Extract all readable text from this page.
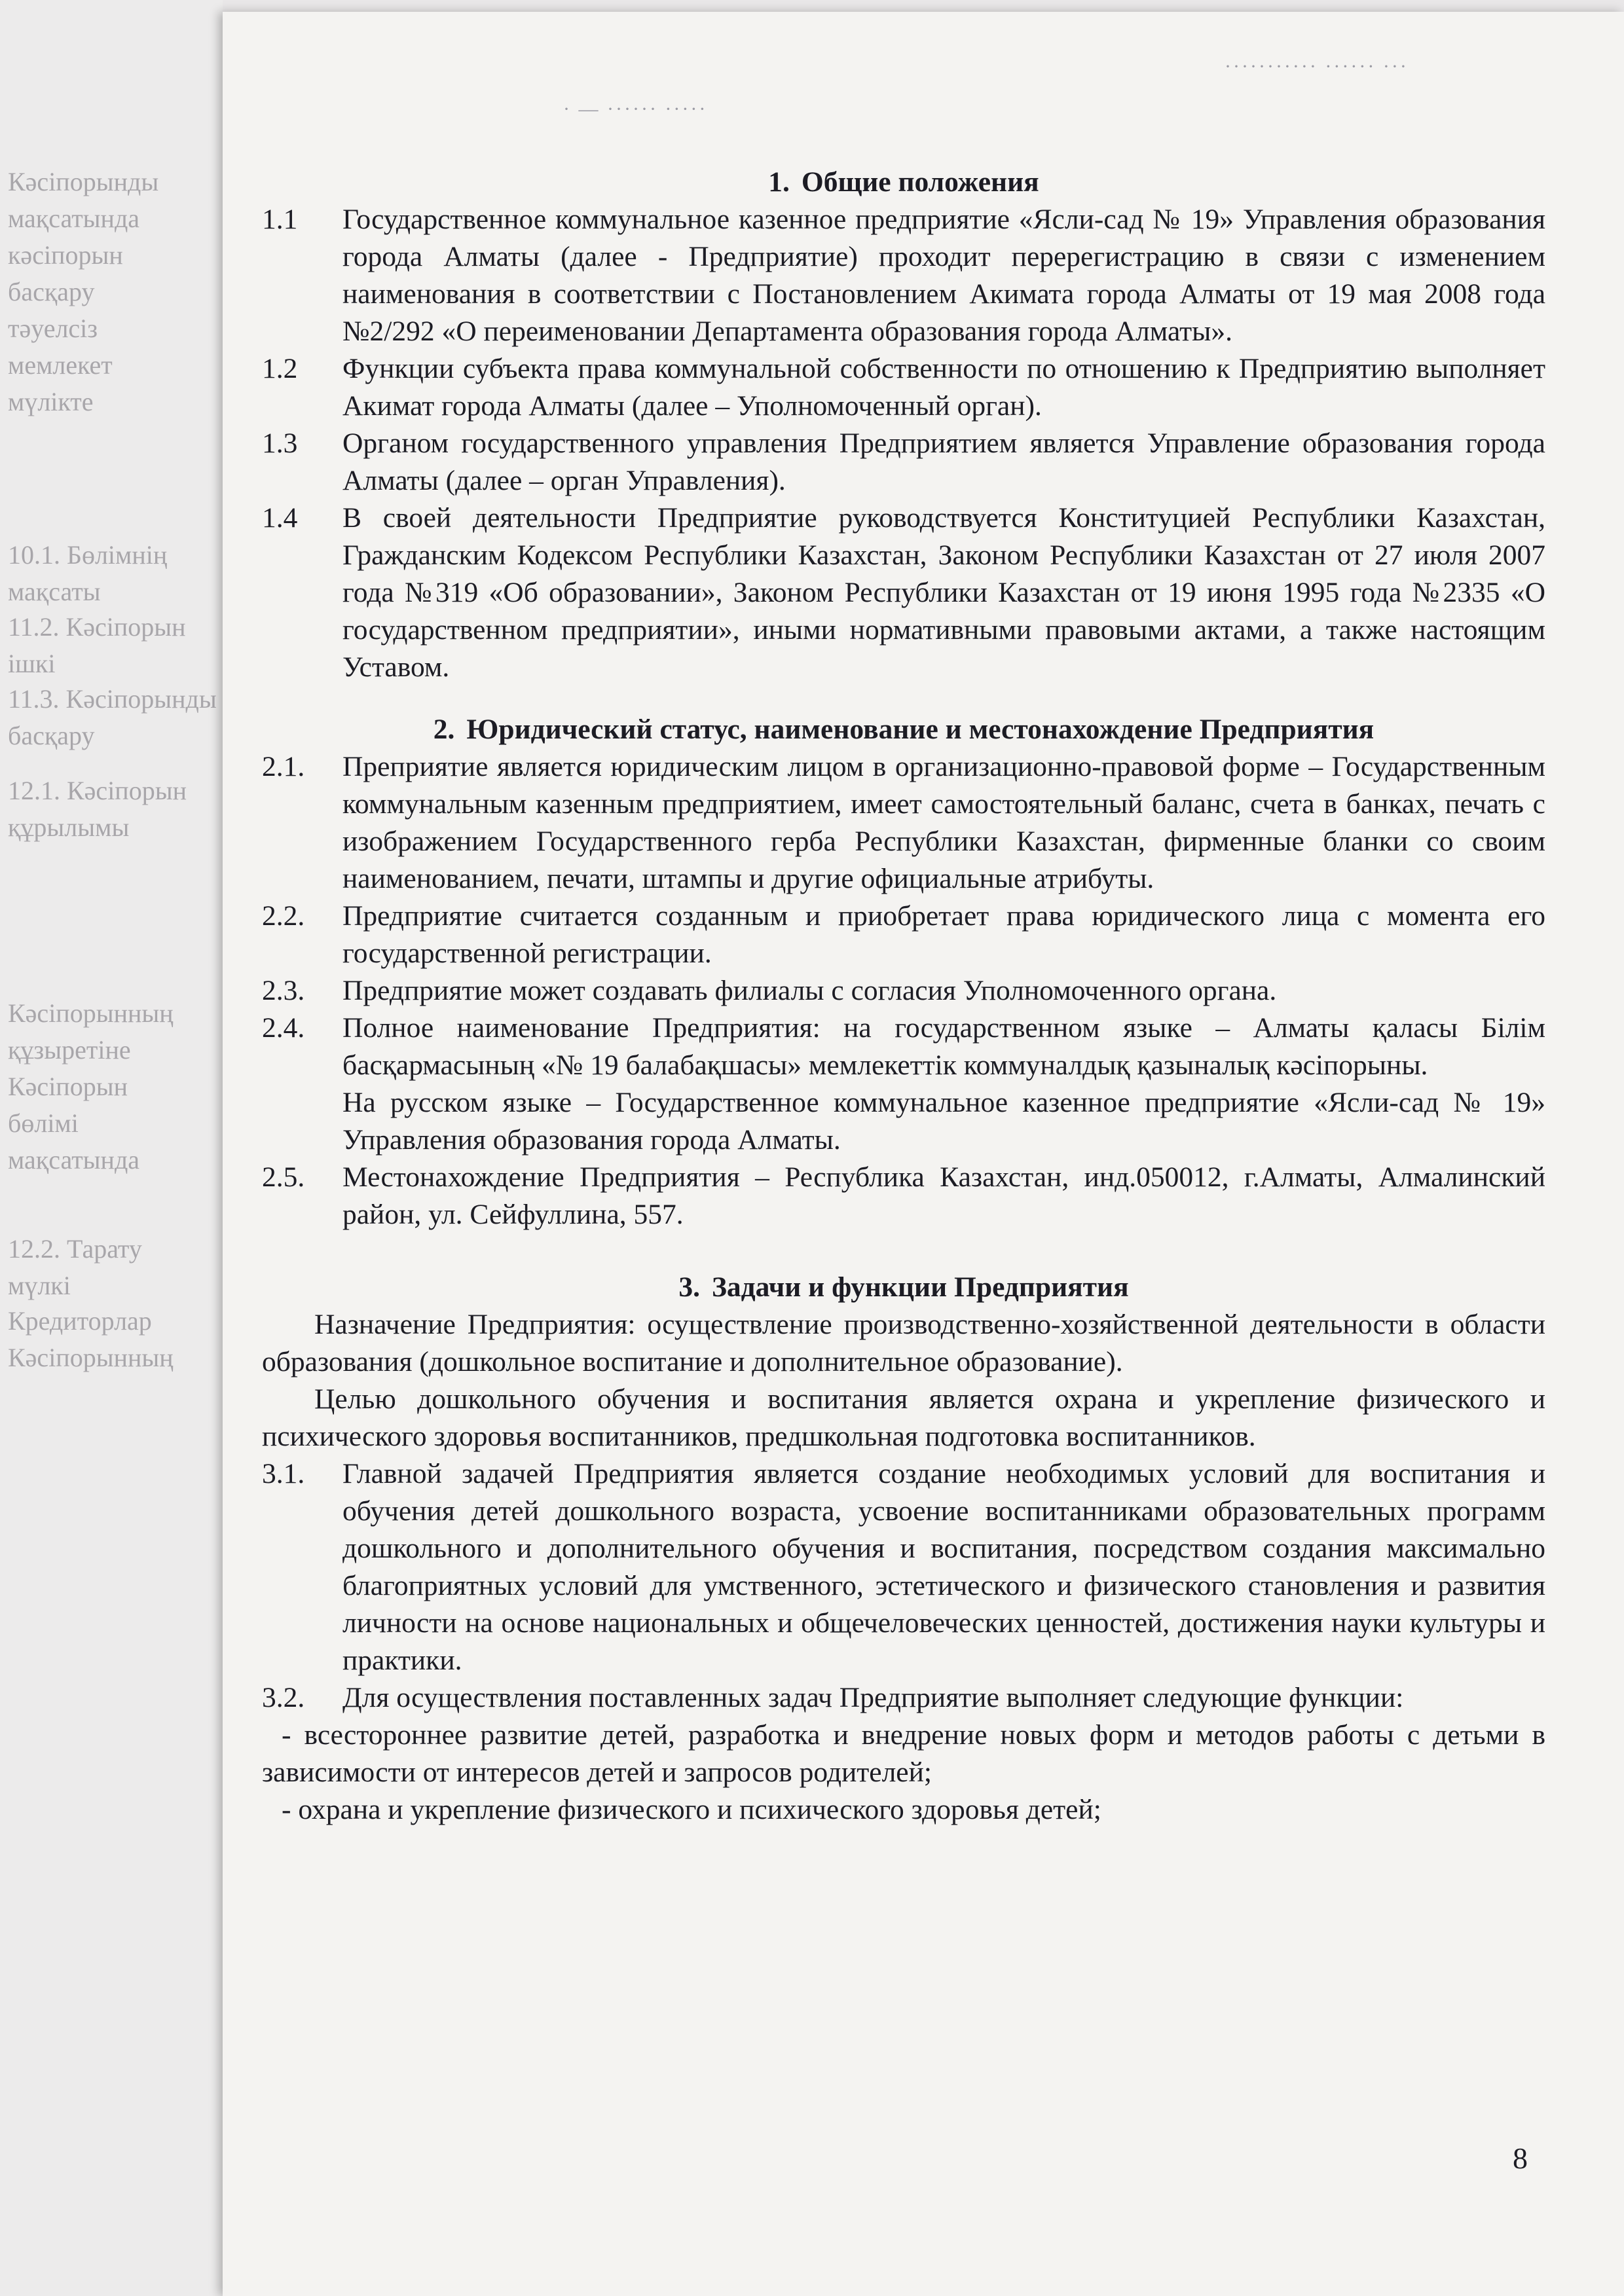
Кәсіпорынды
мақсатында
кәсіпорын
басқару
тәуелсіз
мемлекет
мүлікте
10.1. Бөлімнің
мақсаты
11.2. Кәсіпорын
ішкі
11.3. Кәсіпорынды
басқару
12.1. Кәсіпорын
құрылымы
Кәсіпорынның
құзыретіне
Кәсіпорын
бөлімі
мақсатында
12.2. Тарату
мүлкі
Кредиторлар
Кәсіпорынның
· — ······ ·····
··········· ······ ···

1. Общие положения

1.1	Государственное коммунальное казенное предприятие «Ясли-сад № 19» Управления образования города Алматы (далее - Предприятие) проходит перерегистрацию в связи с изменением наименования в соответствии с Постановлением Акимата города Алматы от 19 мая 2008 года №2/292 «О переименовании Департамента образования города Алматы».
1.2	Функции субъекта права коммунальной собственности по отношению к Предприятию выполняет Акимат города Алматы (далее – Уполномоченный орган).
1.3	Органом государственного управления Предприятием является Управление образования города Алматы (далее – орган Управления).
1.4	В своей деятельности Предприятие руководствуется Конституцией Республики Казахстан, Гражданским Кодексом Республики Казахстан, Законом Республики Казахстан от 27 июля 2007 года №319 «Об образовании», Законом Республики Казахстан от 19 июня 1995 года №2335 «О государственном предприятии», иными нормативными правовыми актами, а также настоящим Уставом.

2. Юридический статус, наименование и местонахождение Предприятия

2.1.	Преприятие является юридическим лицом в организационно-правовой форме – Государственным коммунальным казенным предприятием, имеет самостоятельный баланс, счета в банках, печать с изображением Государственного герба Республики Казахстан, фирменные бланки со своим наименованием, печати, штампы и другие официальные атрибуты.
2.2.	Предприятие считается созданным и приобретает права юридического лица с момента его государственной регистрации.
2.3.	Предприятие может создавать филиалы с согласия Уполномоченного органа.
2.4.	Полное наименование Предприятия: на государственном языке – Алматы қаласы Білім басқармасының «№ 19 балабақшасы» мемлекеттік коммуналдық қазыналық кәсіпорыны.

На русском языке – Государственное коммунальное казенное предприятие «Ясли-сад № 19» Управления образования города Алматы.

2.5.	Местонахождение Предприятия – Республика Казахстан, инд.050012, г.Алматы, Алмалинский район, ул. Сейфуллина, 557.

3. Задачи и функции Предприятия

Назначение Предприятия: осуществление производственно-хозяйственной деятельности в области образования (дошкольное воспитание и дополнительное образование).

Целью дошкольного обучения и воспитания является охрана и укрепление физического и психического здоровья воспитанников, предшкольная подготовка воспитанников.

3.1.	Главной задачей Предприятия является создание необходимых условий для воспитания и обучения детей дошкольного возраста, усвоение воспитанниками образовательных программ дошкольного и дополнительного обучения и воспитания, посредством создания максимально благоприятных условий для умственного, эстетического и физического становления и развития личности на основе национальных и общечеловеческих ценностей, достижения науки культуры и практики.
3.2.	Для осуществления поставленных задач Предприятие выполняет следующие функции:

- всестороннее развитие детей, разработка и внедрение новых форм и методов работы с детьми в зависимости от интересов детей и запросов родителей;

- охрана и укрепление физического и психического здоровья детей;

8
